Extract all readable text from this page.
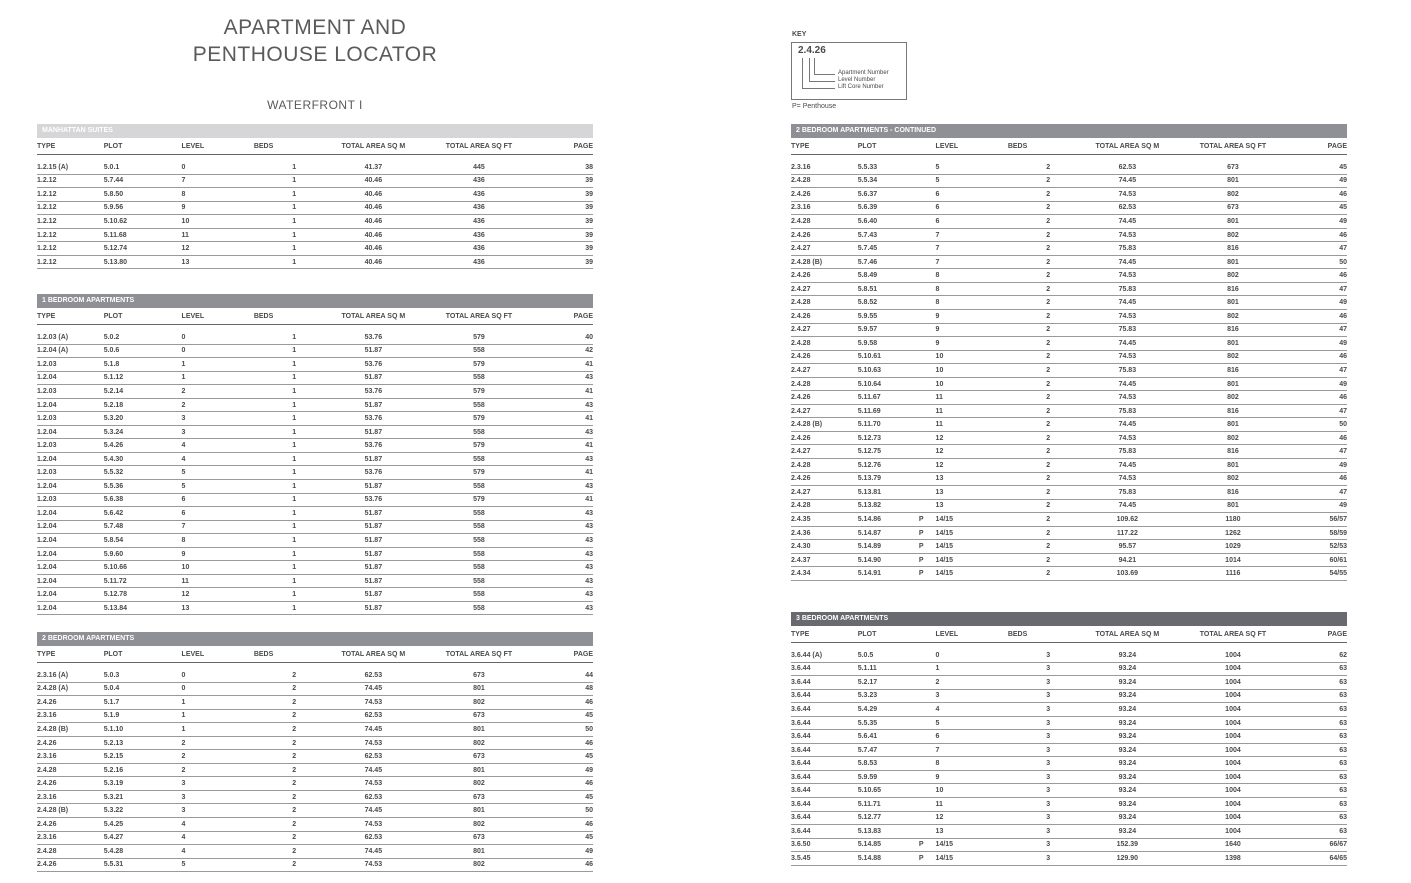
APARTMENT AND
PENTHOUSE LOCATOR
WATERFRONT I
KEY
2.4.26
Apartment Number
Level Number
Lift Core Number
P= Penthouse
MANHATTAN SUITES
TYPE	PLOT		LEVEL	BEDS	TOTAL AREA SQ M	TOTAL AREA SQ FT	PAGE

1.2.15 (A)	5.0.1		0	1	41.37	445	38
1.2.12	5.7.44		7	1	40.46	436	39
1.2.12	5.8.50		8	1	40.46	436	39
1.2.12	5.9.56		9	1	40.46	436	39
1.2.12	5.10.62		10	1	40.46	436	39
1.2.12	5.11.68		11	1	40.46	436	39
1.2.12	5.12.74		12	1	40.46	436	39
1.2.12	5.13.80		13	1	40.46	436	39
1 BEDROOM APARTMENTS
TYPE	PLOT		LEVEL	BEDS	TOTAL AREA SQ M	TOTAL AREA SQ FT	PAGE

1.2.03 (A)	5.0.2		0	1	53.76	579	40
1.2.04 (A)	5.0.6		0	1	51.87	558	42
1.2.03	5.1.8		1	1	53.76	579	41
1.2.04	5.1.12		1	1	51.87	558	43
1.2.03	5.2.14		2	1	53.76	579	41
1.2.04	5.2.18		2	1	51.87	558	43
1.2.03	5.3.20		3	1	53.76	579	41
1.2.04	5.3.24		3	1	51.87	558	43
1.2.03	5.4.26		4	1	53.76	579	41
1.2.04	5.4.30		4	1	51.87	558	43
1.2.03	5.5.32		5	1	53.76	579	41
1.2.04	5.5.36		5	1	51.87	558	43
1.2.03	5.6.38		6	1	53.76	579	41
1.2.04	5.6.42		6	1	51.87	558	43
1.2.04	5.7.48		7	1	51.87	558	43
1.2.04	5.8.54		8	1	51.87	558	43
1.2.04	5.9.60		9	1	51.87	558	43
1.2.04	5.10.66		10	1	51.87	558	43
1.2.04	5.11.72		11	1	51.87	558	43
1.2.04	5.12.78		12	1	51.87	558	43
1.2.04	5.13.84		13	1	51.87	558	43
2 BEDROOM APARTMENTS
TYPE	PLOT		LEVEL	BEDS	TOTAL AREA SQ M	TOTAL AREA SQ FT	PAGE

2.3.16 (A)	5.0.3		0	2	62.53	673	44
2.4.28 (A)	5.0.4		0	2	74.45	801	48
2.4.26	5.1.7		1	2	74.53	802	46
2.3.16	5.1.9		1	2	62.53	673	45
2.4.28 (B)	5.1.10		1	2	74.45	801	50
2.4.26	5.2.13		2	2	74.53	802	46
2.3.16	5.2.15		2	2	62.53	673	45
2.4.28	5.2.16		2	2	74.45	801	49
2.4.26	5.3.19		3	2	74.53	802	46
2.3.16	5.3.21		3	2	62.53	673	45
2.4.28 (B)	5.3.22		3	2	74.45	801	50
2.4.26	5.4.25		4	2	74.53	802	46
2.3.16	5.4.27		4	2	62.53	673	45
2.4.28	5.4.28		4	2	74.45	801	49
2.4.26	5.5.31		5	2	74.53	802	46
2 BEDROOM APARTMENTS - CONTINUED
TYPE	PLOT		LEVEL	BEDS	TOTAL AREA SQ M	TOTAL AREA SQ FT	PAGE

2.3.16	5.5.33		5	2	62.53	673	45
2.4.28	5.5.34		5	2	74.45	801	49
2.4.26	5.6.37		6	2	74.53	802	46
2.3.16	5.6.39		6	2	62.53	673	45
2.4.28	5.6.40		6	2	74.45	801	49
2.4.26	5.7.43		7	2	74.53	802	46
2.4.27	5.7.45		7	2	75.83	816	47
2.4.28 (B)	5.7.46		7	2	74.45	801	50
2.4.26	5.8.49		8	2	74.53	802	46
2.4.27	5.8.51		8	2	75.83	816	47
2.4.28	5.8.52		8	2	74.45	801	49
2.4.26	5.9.55		9	2	74.53	802	46
2.4.27	5.9.57		9	2	75.83	816	47
2.4.28	5.9.58		9	2	74.45	801	49
2.4.26	5.10.61		10	2	74.53	802	46
2.4.27	5.10.63		10	2	75.83	816	47
2.4.28	5.10.64		10	2	74.45	801	49
2.4.26	5.11.67		11	2	74.53	802	46
2.4.27	5.11.69		11	2	75.83	816	47
2.4.28 (B)	5.11.70		11	2	74.45	801	50
2.4.26	5.12.73		12	2	74.53	802	46
2.4.27	5.12.75		12	2	75.83	816	47
2.4.28	5.12.76		12	2	74.45	801	49
2.4.26	5.13.79		13	2	74.53	802	46
2.4.27	5.13.81		13	2	75.83	816	47
2.4.28	5.13.82		13	2	74.45	801	49
2.4.35	5.14.86	P	14/15	2	109.62	1180	56/57
2.4.36	5.14.87	P	14/15	2	117.22	1262	58/59
2.4.30	5.14.89	P	14/15	2	95.57	1029	52/53
2.4.37	5.14.90	P	14/15	2	94.21	1014	60/61
2.4.34	5.14.91	P	14/15	2	103.69	1116	54/55
3 BEDROOM APARTMENTS
TYPE	PLOT		LEVEL	BEDS	TOTAL AREA SQ M	TOTAL AREA SQ FT	PAGE

3.6.44 (A)	5.0.5		0	3	93.24	1004	62
3.6.44	5.1.11		1	3	93.24	1004	63
3.6.44	5.2.17		2	3	93.24	1004	63
3.6.44	5.3.23		3	3	93.24	1004	63
3.6.44	5.4.29		4	3	93.24	1004	63
3.6.44	5.5.35		5	3	93.24	1004	63
3.6.44	5.6.41		6	3	93.24	1004	63
3.6.44	5.7.47		7	3	93.24	1004	63
3.6.44	5.8.53		8	3	93.24	1004	63
3.6.44	5.9.59		9	3	93.24	1004	63
3.6.44	5.10.65		10	3	93.24	1004	63
3.6.44	5.11.71		11	3	93.24	1004	63
3.6.44	5.12.77		12	3	93.24	1004	63
3.6.44	5.13.83		13	3	93.24	1004	63
3.6.50	5.14.85	P	14/15	3	152.39	1640	66/67
3.5.45	5.14.88	P	14/15	3	129.90	1398	64/65
